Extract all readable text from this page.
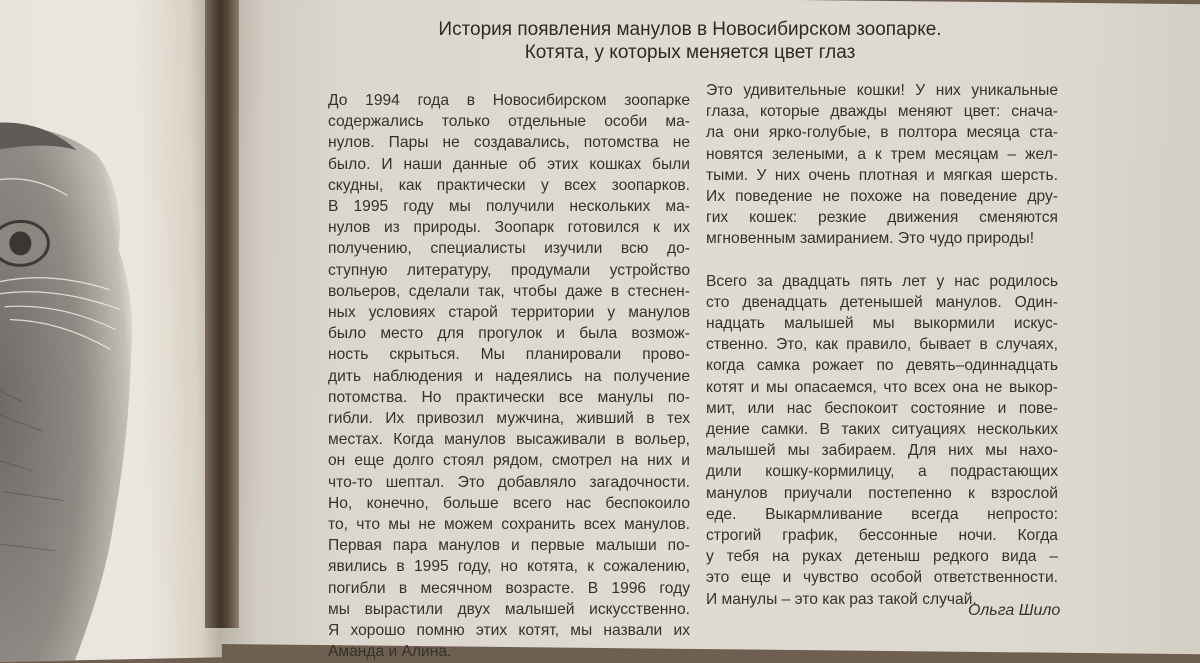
История появления манулов в Новосибирском зоопарке.
Котята, у которых меняется цвет глаз

До 1994 года в Новосибирском зоопарке
содержались только отдельные особи ма-
нулов. Пары не создавались, потомства не
было. И наши данные об этих кошках были
скудны, как практически у всех зоопарков.
В 1995 году мы получили нескольких ма-
нулов из природы. Зоопарк готовился к их
получению, специалисты изучили всю до-
ступную литературу, продумали устройство
вольеров, сделали так, чтобы даже в стеснен-
ных условиях старой территории у манулов
было место для прогулок и была возмож-
ность скрыться. Мы планировали прово-
дить наблюдения и надеялись на получение
потомства. Но практически все манулы по-
гибли. Их привозил мужчина, живший в тех
местах. Когда манулов высаживали в вольер,
он еще долго стоял рядом, смотрел на них и
что-то шептал. Это добавляло загадочности.
Но, конечно, больше всего нас беспокоило
то, что мы не можем сохранить всех манулов.
Первая пара манулов и первые малыши по-
явились в 1995 году, но котята, к сожалению,
погибли в месячном возрасте. В 1996 году
мы вырастили двух малышей искусственно.
Я хорошо помню этих котят, мы назвали их
Аманда и Алина.

Это удивительные кошки! У них уникальные
глаза, которые дважды меняют цвет: снача-
ла они ярко-голубые, в полтора месяца ста-
новятся зелеными, а к трем месяцам – жел-
тыми. У них очень плотная и мягкая шерсть.
Их поведение не похоже на поведение дру-
гих кошек: резкие движения сменяются
мгновенным замиранием. Это чудо природы!

Всего за двадцать пять лет у нас родилось
сто двенадцать детенышей манулов. Один-
надцать малышей мы выкормили искус-
ственно. Это, как правило, бывает в случаях,
когда самка рожает по девять–одиннадцать
котят и мы опасаемся, что всех она не выкор-
мит, или нас беспокоит состояние и пове-
дение самки. В таких ситуациях нескольких
малышей мы забираем. Для них мы нахо-
дили кошку-кормилицу, а подрастающих
манулов приучали постепенно к взрослой
еде. Выкармливание всегда непросто:
строгий график, бессонные ночи. Когда
у тебя на руках детеныш редкого вида –
это еще и чувство особой ответственности.
И манулы – это как раз такой случай.

Ольга Шило
